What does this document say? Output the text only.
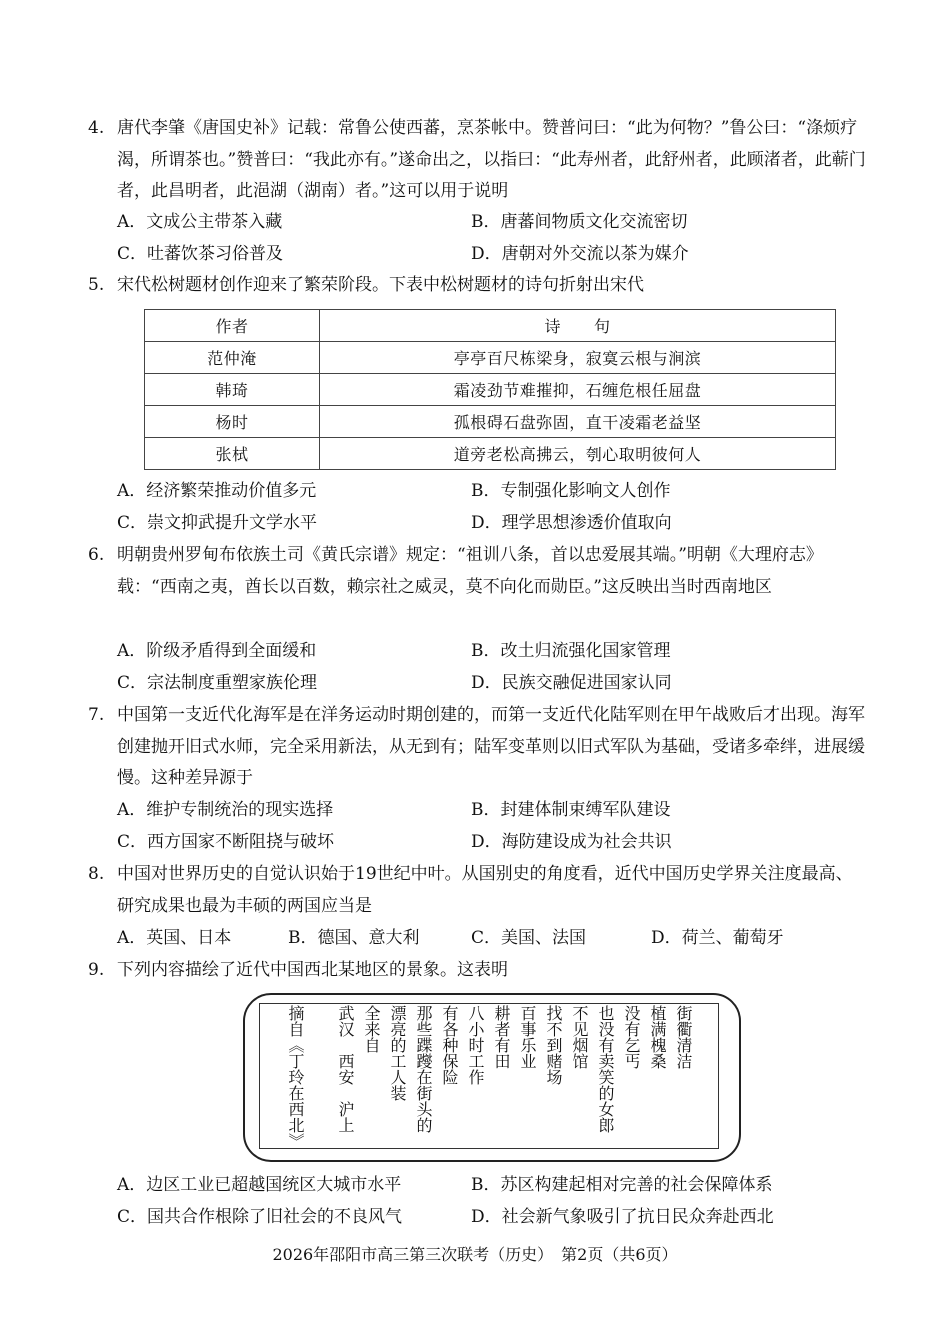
4. 唐代李肇《唐国史补》记载：常鲁公使西蕃，烹茶帐中。赞普问曰：“此为何物？”鲁公曰：“涤烦疗渴，所谓茶也。”赞普曰：“我此亦有。”遂命出之，以指曰：“此寿州者，此舒州者，此顾渚者，此蕲门者，此昌明者，此浥湖（湖南）者。”这可以用于说明
A．文成公主带茶入藏	B．唐蕃间物质文化交流密切
C．吐蕃饮茶习俗普及	D．唐朝对外交流以茶为媒介
5. 宋代松树题材创作迎来了繁荣阶段。下表中松树题材的诗句折射出宋代
作者	诗　　句
范仲淹	亭亭百尺栋梁身，寂寞云根与涧滨
韩琦	霜凌劲节难摧抑，石缠危根任屈盘
杨时	孤根碍石盘弥固，直干凌霜老益坚
张栻	道旁老松高拂云，刳心取明彼何人
A．经济繁荣推动价值多元	B．专制强化影响文人创作
C．崇文抑武提升文学水平	D．理学思想渗透价值取向
6. 明朝贵州罗甸布依族土司《黄氏宗谱》规定：“祖训八条，首以忠爱展其端。”明朝《大理府志》载：“西南之夷，酋长以百数，赖宗社之威灵，莫不向化而勋臣。”这反映出当时西南地区
A．阶级矛盾得到全面缓和	B．改土归流强化国家管理
C．宗法制度重塑家族伦理	D．民族交融促进国家认同
7. 中国第一支近代化海军是在洋务运动时期创建的，而第一支近代化陆军则在甲午战败后才出现。海军创建抛开旧式水师，完全采用新法，从无到有；陆军变革则以旧式军队为基础，受诸多牵绊，进展缓慢。这种差异源于
A．维护专制统治的现实选择	B．封建体制束缚军队建设
C．西方国家不断阻挠与破坏	D．海防建设成为社会共识
8. 中国对世界历史的自觉认识始于19世纪中叶。从国别史的角度看，近代中国历史学界关注度最高、研究成果也最为丰硕的两国应当是
A．英国、日本	B．德国、意大利	C．美国、法国	D．荷兰、葡萄牙
9. 下列内容描绘了近代中国西北某地区的景象。这表明
街衢清洁
植满槐桑
没有乞丐
也没有卖笑的女郎
不见烟馆
找不到赌场
百事乐业
耕者有田
八小时工作
有各种保险
那些蹀躞在街头的
漂亮的工人装
全来自
武汉　西安　沪上
摘自《丁玲在西北》
A．边区工业已超越国统区大城市水平	B．苏区构建起相对完善的社会保障体系
C．国共合作根除了旧社会的不良风气	D．社会新气象吸引了抗日民众奔赴西北
2026年邵阳市高三第三次联考（历史）　第2页（共6页）
